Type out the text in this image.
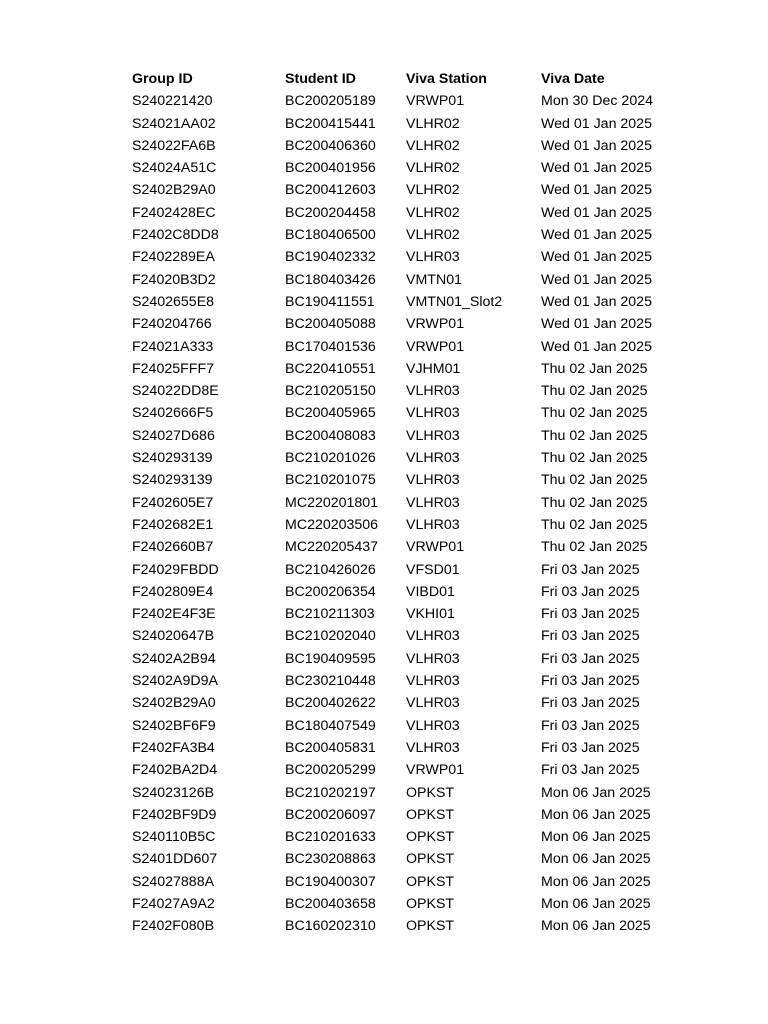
Group ID	Student ID	Viva Station	Viva Date
S240221420	BC200205189	VRWP01	Mon 30 Dec 2024
S24021AA02	BC200415441	VLHR02	Wed 01 Jan 2025
S24022FA6B	BC200406360	VLHR02	Wed 01 Jan 2025
S24024A51C	BC200401956	VLHR02	Wed 01 Jan 2025
S2402B29A0	BC200412603	VLHR02	Wed 01 Jan 2025
F2402428EC	BC200204458	VLHR02	Wed 01 Jan 2025
F2402C8DD8	BC180406500	VLHR02	Wed 01 Jan 2025
F2402289EA	BC190402332	VLHR03	Wed 01 Jan 2025
F24020B3D2	BC180403426	VMTN01	Wed 01 Jan 2025
S2402655E8	BC190411551	VMTN01_Slot2	Wed 01 Jan 2025
F240204766	BC200405088	VRWP01	Wed 01 Jan 2025
F24021A333	BC170401536	VRWP01	Wed 01 Jan 2025
F24025FFF7	BC220410551	VJHM01	Thu 02 Jan 2025
S24022DD8E	BC210205150	VLHR03	Thu 02 Jan 2025
S2402666F5	BC200405965	VLHR03	Thu 02 Jan 2025
S24027D686	BC200408083	VLHR03	Thu 02 Jan 2025
S240293139	BC210201026	VLHR03	Thu 02 Jan 2025
S240293139	BC210201075	VLHR03	Thu 02 Jan 2025
F2402605E7	MC220201801	VLHR03	Thu 02 Jan 2025
F2402682E1	MC220203506	VLHR03	Thu 02 Jan 2025
F2402660B7	MC220205437	VRWP01	Thu 02 Jan 2025
F24029FBDD	BC210426026	VFSD01	Fri 03 Jan 2025
F2402809E4	BC200206354	VIBD01	Fri 03 Jan 2025
F2402E4F3E	BC210211303	VKHI01	Fri 03 Jan 2025
S24020647B	BC210202040	VLHR03	Fri 03 Jan 2025
S2402A2B94	BC190409595	VLHR03	Fri 03 Jan 2025
S2402A9D9A	BC230210448	VLHR03	Fri 03 Jan 2025
S2402B29A0	BC200402622	VLHR03	Fri 03 Jan 2025
S2402BF6F9	BC180407549	VLHR03	Fri 03 Jan 2025
F2402FA3B4	BC200405831	VLHR03	Fri 03 Jan 2025
F2402BA2D4	BC200205299	VRWP01	Fri 03 Jan 2025
S24023126B	BC210202197	OPKST	Mon 06 Jan 2025
F2402BF9D9	BC200206097	OPKST	Mon 06 Jan 2025
S240110B5C	BC210201633	OPKST	Mon 06 Jan 2025
S2401DD607	BC230208863	OPKST	Mon 06 Jan 2025
S24027888A	BC190400307	OPKST	Mon 06 Jan 2025
F24027A9A2	BC200403658	OPKST	Mon 06 Jan 2025
F2402F080B	BC160202310	OPKST	Mon 06 Jan 2025
